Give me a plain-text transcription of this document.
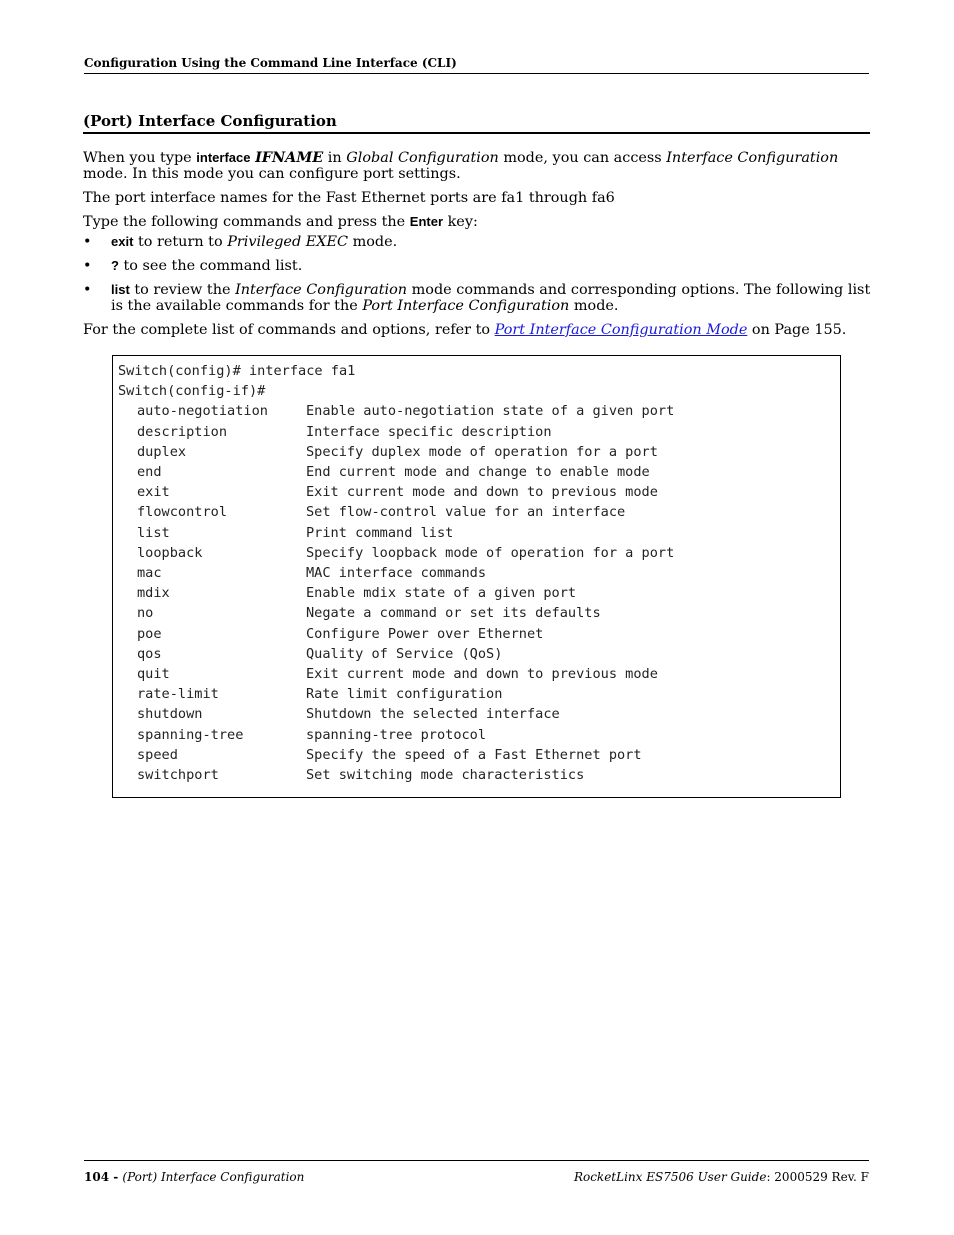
Configuration Using the Command Line Interface (CLI)
(Port) Interface Configuration

When you type interface IFNAME in Global Configuration mode, you can access Interface Configuration mode. In this mode you can configure port settings.

The port interface names for the Fast Ethernet ports are fa1 through fa6

Type the following commands and press the Enter key:

• exit to return to Privileged EXEC mode.
• ? to see the command list.
• list to review the Interface Configuration mode commands and corresponding options. The following list is the available commands for the Port Interface Configuration mode.

For the complete list of commands and options, refer to Port Interface Configuration Mode on Page 155.

Switch(config)# interface fa1
Switch(config-if)#
auto-negotiation	Enable auto-negotiation state of a given port
description	Interface specific description
duplex	Specify duplex mode of operation for a port
end	End current mode and change to enable mode
exit	Exit current mode and down to previous mode
flowcontrol	Set flow-control value for an interface
list	Print command list
loopback	Specify loopback mode of operation for a port
mac	MAC interface commands
mdix	Enable mdix state of a given port
no	Negate a command or set its defaults
poe	Configure Power over Ethernet
qos	Quality of Service (QoS)
quit	Exit current mode and down to previous mode
rate-limit	Rate limit configuration
shutdown	Shutdown the selected interface
spanning-tree	spanning-tree protocol
speed	Specify the speed of a Fast Ethernet port
switchport	Set switching mode characteristics
104 - (Port) Interface Configuration	RocketLinx ES7506 User Guide: 2000529 Rev. F
